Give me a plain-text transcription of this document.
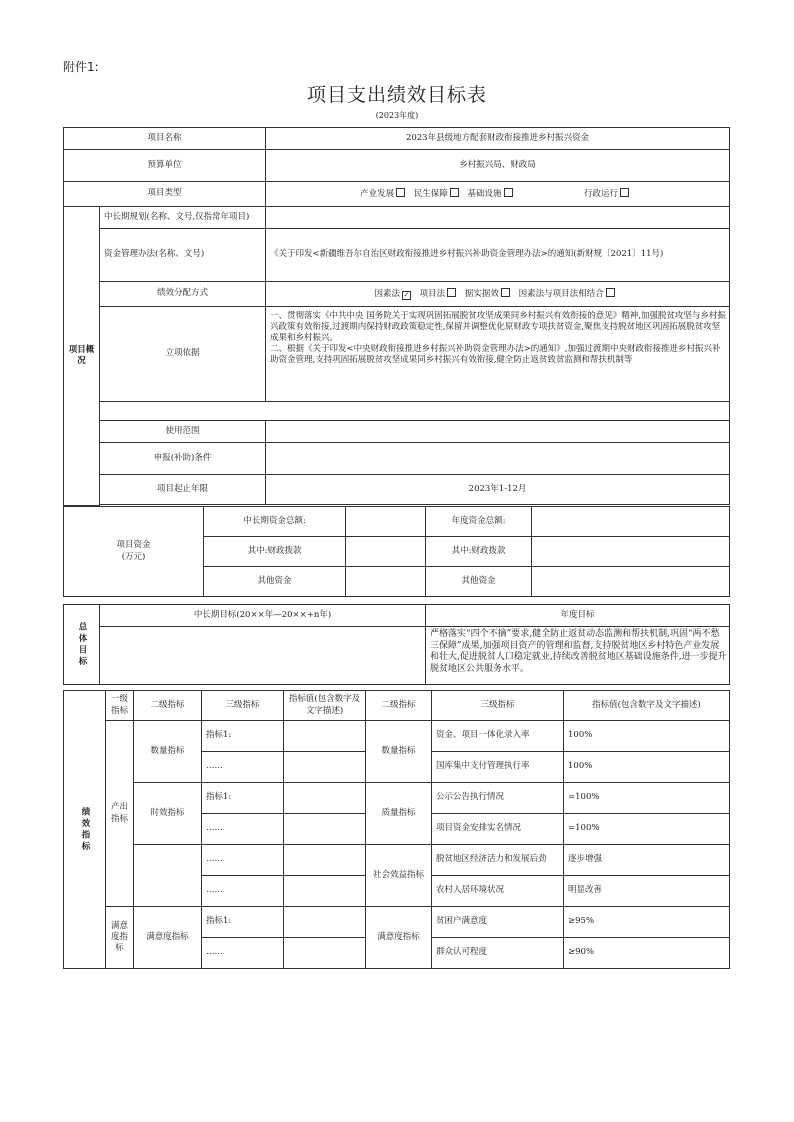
附件1:
项目支出绩效目标表
(2023年度)
项目名称		2023年县级地方配套财政衔接推进乡村振兴资金
预算单位		乡村振兴局、财政局
项目类型		产业发展 民生保障 基础设施 行政运行
项目概况	中长期规划(名称、文号,仅指常年项目)	
	资金管理办法(名称、文号)	《关于印发<新疆维吾尔自治区财政衔接推进乡村振兴补助资金管理办法>的通知(新财规〔2021〕11号)
	绩效分配方式	因素法 ✓ 项目法 据实据效 因素法与项目法相结合
	立项依据	一、贯彻落实《中共中央 国务院关于实现巩固拓展脱贫攻坚成果同乡村振兴有效衔接的意见》精神,加强脱贫攻坚与乡村振兴政策有效衔接,过渡期内保持财政政策稳定性,保留并调整优化原财政专项扶贫资金,聚焦支持脱贫地区巩固拓展脱贫攻坚成果和乡村振兴。
二、根据《关于印发<中央财政衔接推进乡村振兴补助资金管理办法>的通知》,加强过渡期中央财政衔接推进乡村振兴补助资金管理,支持巩固拓展脱贫攻坚成果同乡村振兴有效衔接,健全防止返贫致贫监测和帮扶机制等

	使用范围	
	申报(补助)条件	
	项目起止年限	2023年1-12月

项目资金
(万元)		中长期资金总额:		年度资金总额:	
		其中:财政拨款		其中:财政拨款	
		其他资金		其他资金	

总体目标	中长期目标(20××年—20××+n年)			年度目标	
				严格落实“四个不摘”要求,健全防止返贫动态监测和帮扶机制,巩固“两不愁三保障”成果,加强项目资产的管理和监督,支持脱贫地区乡村特色产业发展和壮大,促进脱贫人口稳定就业,持续改善脱贫地区基础设施条件,进一步提升脱贫地区公共服务水平。	

绩效指标	一级指标	二级指标	三级指标	指标值(包含数字及文字描述)	二级指标	三级指标	指标值(包含数字及文字描述)
	产出指标	数量指标	指标1:		数量指标	资金、项目一体化录入率	100%
			……			国库集中支付管理执行率	100%
		时效指标	指标1:		质量指标	公示公告执行情况	=100%
			……			项目资金安排实名情况	=100%
			……		社会效益指标	脱贫地区经济活力和发展后劲	逐步增强
			……			农村人居环境状况	明显改善
	满意度指标	满意度指标	指标1:		满意度指标	贫困户满意度	≥95%
			……			群众认可程度	≥90%
